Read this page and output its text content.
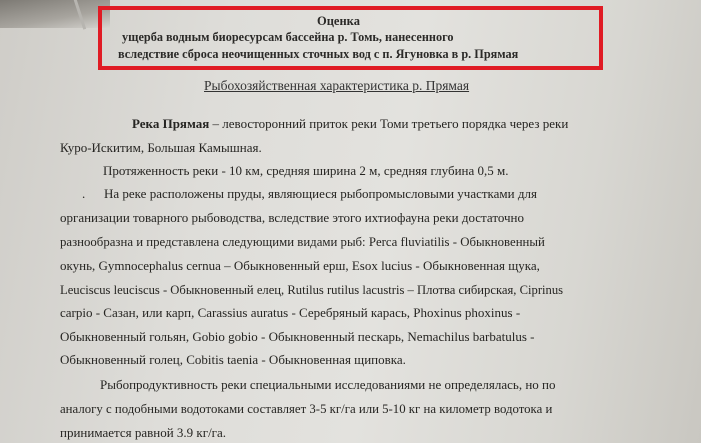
Оценка
ущерба водным биоресурсам бассейна р. Томь, нанесенного
вследствие сброса неочищенных сточных вод с п. Ягуновка в р. Прямая
Рыбохозяйственная характеристика р. Прямая
Река Прямая – левосторонний приток реки Томи третьего порядка через реки
Куро-Искитим, Большая Камышная.
Протяженность реки - 10 км, средняя ширина 2 м, средняя глубина 0,5 м.
. На реке расположены пруды, являющиеся рыбопромысловыми участками для
организации товарного рыбоводства, вследствие этого ихтиофауна реки достаточно
разнообразна и представлена следующими видами рыб: Perca fluviatilis - Обыкновенный
окунь, Gymnocephalus cernua – Обыкновенный ерш, Esox lucius - Обыкновенная щука,
Leuciscus leuciscus - Обыкновенный елец, Rutilus rutilus lacustris – Плотва сибирская, Ciprinus
carpio - Сазан, или карп, Carassius auratus - Серебряный карась, Phoxinus phoxinus -
Обыкновенный гольян, Gobio gobio - Обыкновенный пескарь, Nemachilus barbatulus -
Обыкновенный голец, Cobitis taenia - Обыкновенная щиповка.
Рыбопродуктивность реки специальными исследованиями не определялась, но по
аналогу с подобными водотоками составляет 3-5 кг/га или 5-10 кг на километр водотока и
принимается равной 3.9 кг/га.
